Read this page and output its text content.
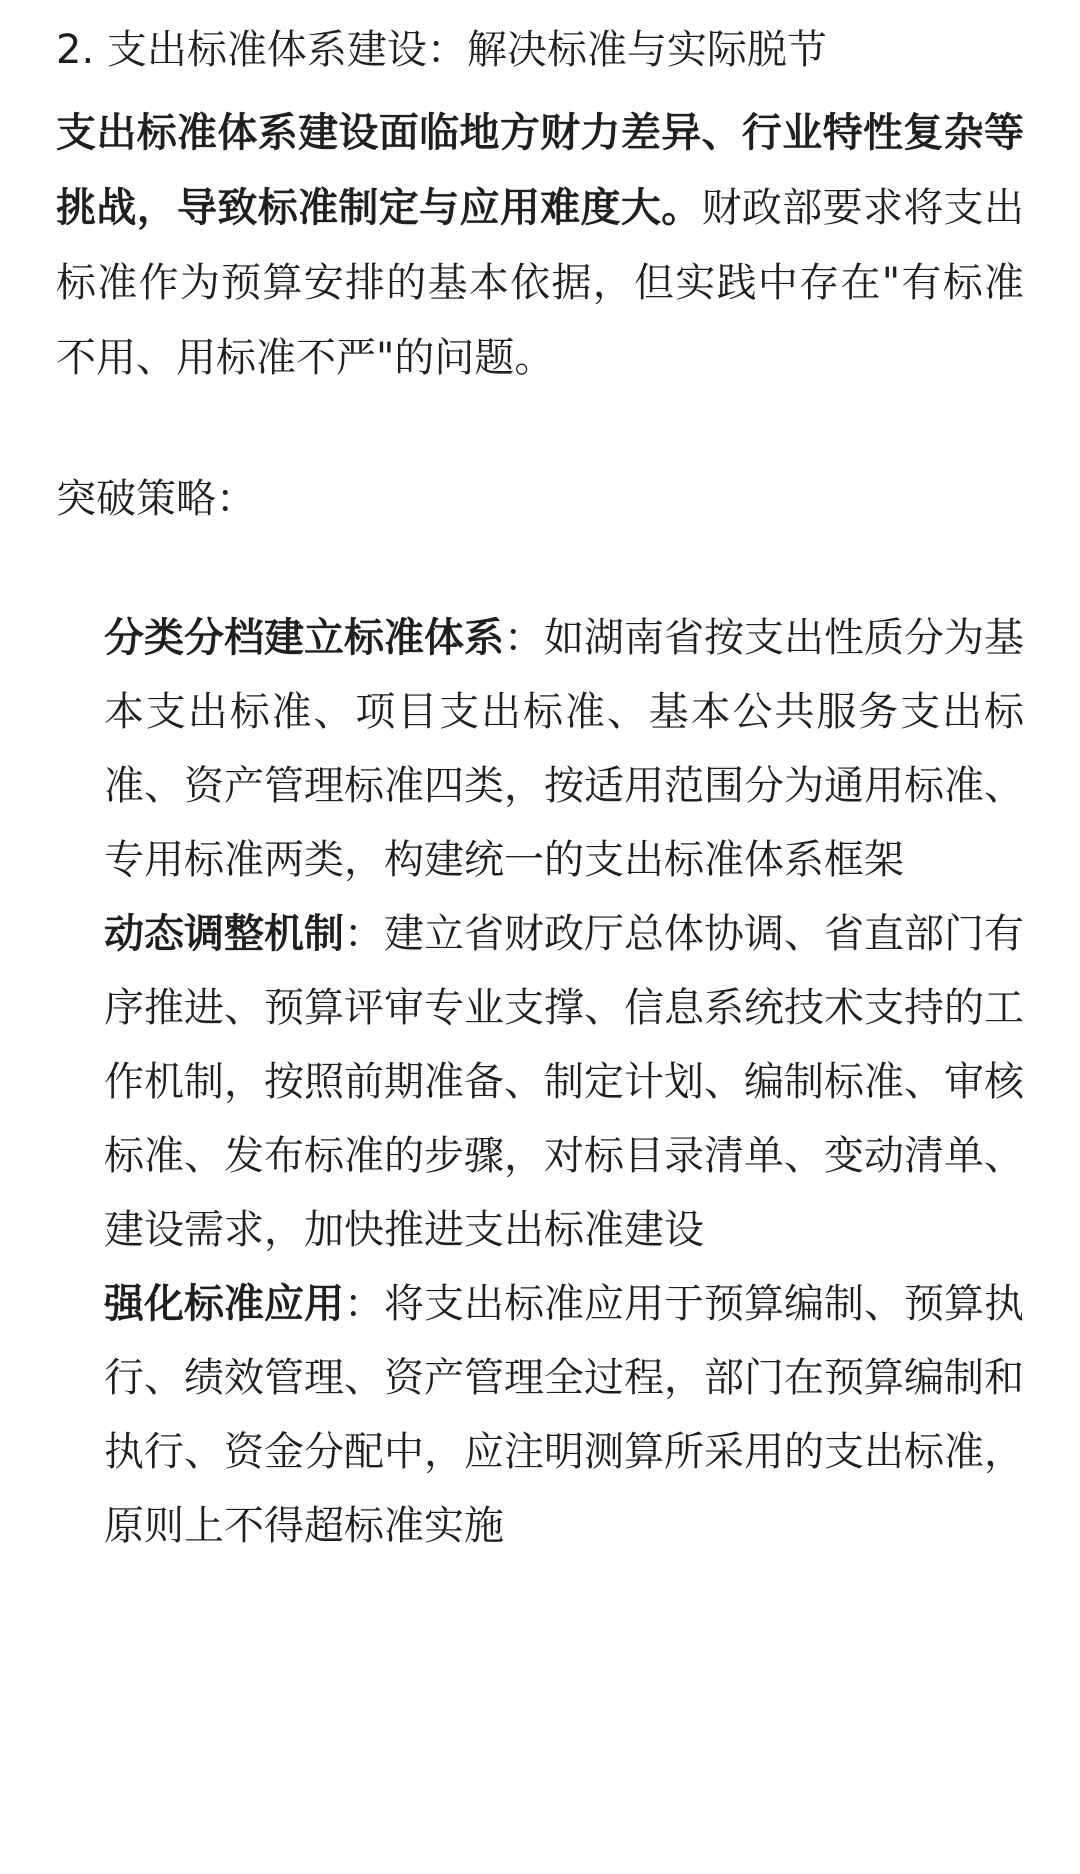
2. 支出标准体系建设：解决标准与实际脱节

支出标准体系建设面临地方财力差异、行业特性复杂等挑战，导致标准制定与应用难度大。财政部要求将支出标准作为预算安排的基本依据，但实践中存在"有标准不用、用标准不严"的问题。

突破策略：

分类分档建立标准体系：如湖南省按支出性质分为基本支出标准、项目支出标准、基本公共服务支出标准、资产管理标准四类，按适用范围分为通用标准、专用标准两类，构建统一的支出标准体系框架
动态调整机制：建立省财政厅总体协调、省直部门有序推进、预算评审专业支撑、信息系统技术支持的工作机制，按照前期准备、制定计划、编制标准、审核标准、发布标准的步骤，对标目录清单、变动清单、建设需求，加快推进支出标准建设
强化标准应用：将支出标准应用于预算编制、预算执行、绩效管理、资产管理全过程，部门在预算编制和执行、资金分配中，应注明测算所采用的支出标准，原则上不得超标准实施
